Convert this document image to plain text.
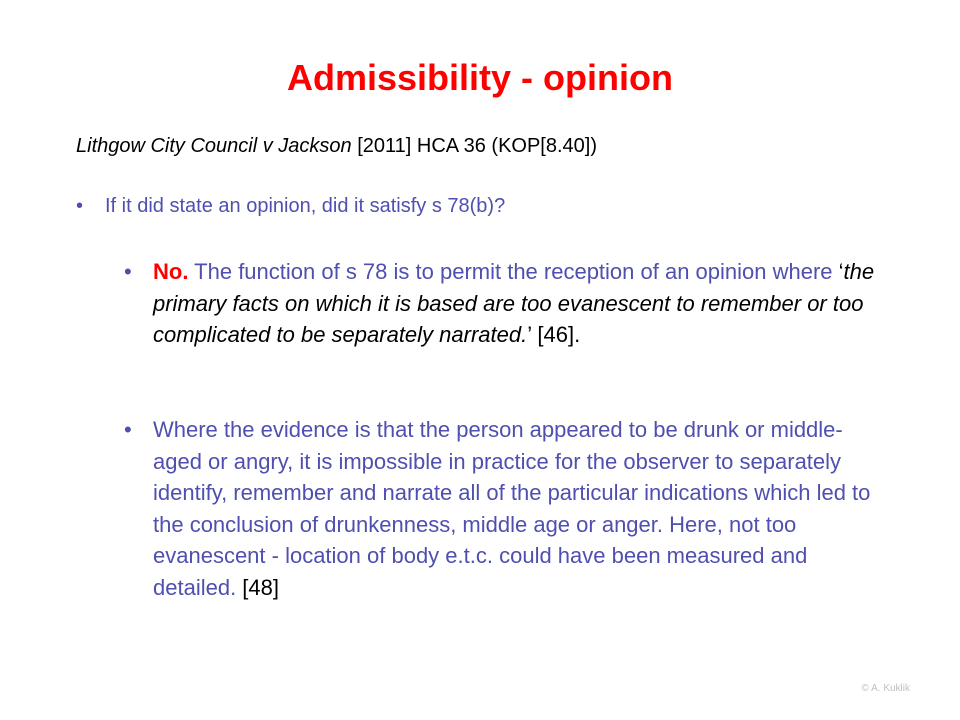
Admissibility - opinion
Lithgow City Council v Jackson [2011] HCA 36 (KOP[8.40])
• If it did state an opinion, did it satisfy s 78(b)?
• No. The function of s 78 is to permit the reception of an opinion where ‘the primary facts on which it is based are too evanescent to remember or too complicated to be separately narrated.’ [46].
• Where the evidence is that the person appeared to be drunk or middle-aged or angry, it is impossible in practice for the observer to separately identify, remember and narrate all of the particular indications which led to the conclusion of drunkenness, middle age or anger. Here, not too evanescent - location of body e.t.c. could have been measured and detailed. [48]
© A. Kuklik
